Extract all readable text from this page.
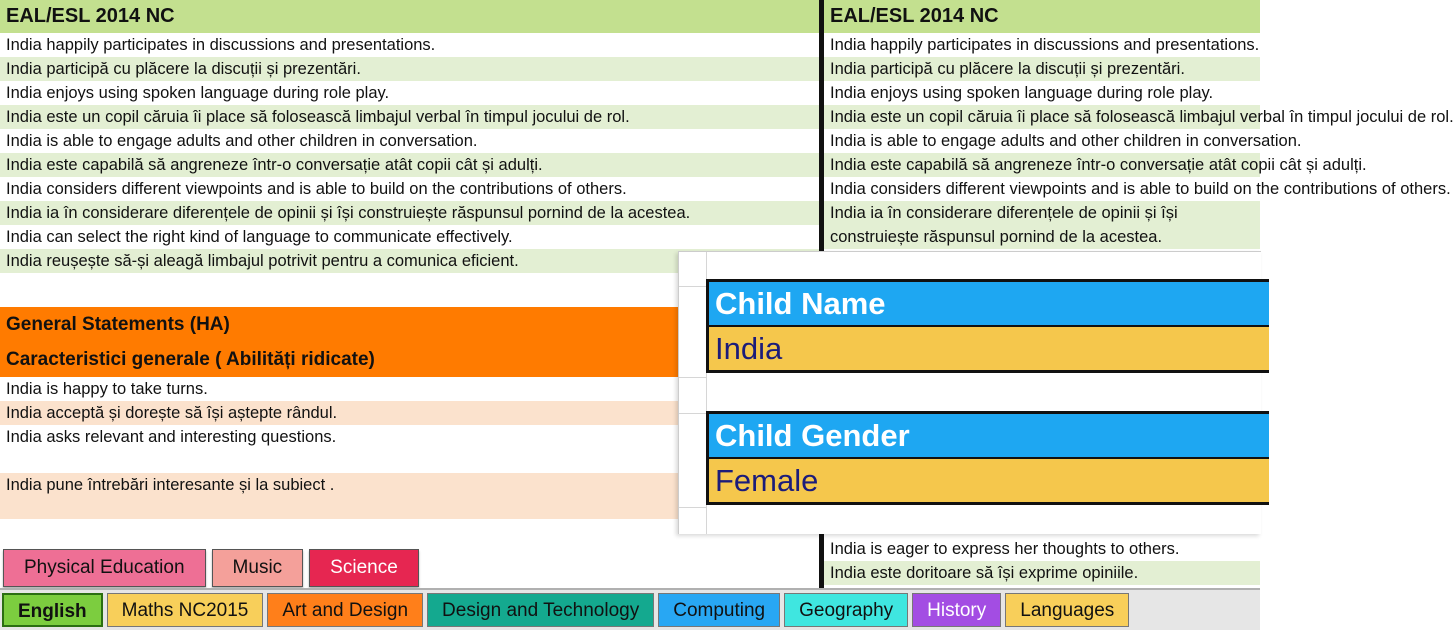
EAL/ESL 2014 NC
India happily participates in discussions and presentations.
India participă cu plăcere la discuții și prezentări.
India enjoys using spoken language during role play.
India este un copil căruia îi place să folosească limbajul verbal în timpul jocului de rol.
India is able to engage adults and other children in conversation.
India este capabilă să angreneze într-o conversație atât copii cât și adulți.
India considers different viewpoints and is able to build on the contributions of others.
India ia în considerare diferențele de opinii și își construiește răspunsul pornind de la acestea.
India can select the right kind of language to communicate effectively.
India reușește să-și aleagă limbajul potrivit pentru a comunica eficient.
General Statements (HA)
Caracteristici generale ( Abilități ridicate)
India is happy to take turns.
India acceptă și dorește să își aștepte rândul.
India asks relevant and interesting questions.
India pune întrebări interesante și la subiect .
EAL/ESL 2014 NC
India happily participates in discussions and presentations.
India participă cu plăcere la discuții și prezentări.
India enjoys using spoken language during role play.
India este un copil căruia îi place să folosească limbajul verbal în timpul jocului de rol.
India is able to engage adults and other children in conversation.
India este capabilă să angreneze într-o conversație atât copii cât și adulți.
India considers different viewpoints and is able to build on the contributions of others.
India ia în considerare diferențele de opinii și își construiește răspunsul pornind de la acestea.
India is eager to express her thoughts to others.
India este doritoare să își exprime opiniile.
Child Name
India
Child Gender
Female
Physical Education	Music	Science
English	Maths NC2015	Art and Design	Design and Technology	Computing	Geography	History	Languages
